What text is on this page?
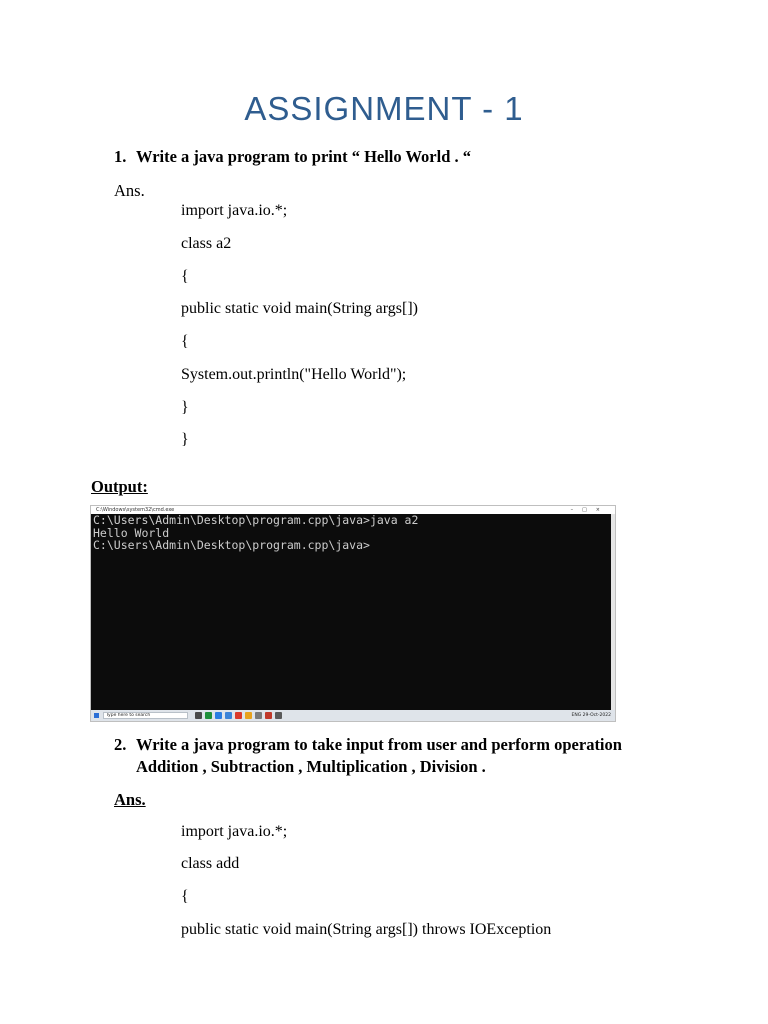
ASSIGNMENT - 1
1. Write a java program to print “ Hello World . “
Ans.
import java.io.*;
class a2
{
public static void main(String args[])
{
System.out.println("Hello World");
}
}
Output:
C:\Windows\system32\cmd.exe	–□×
C:\Users\Admin\Desktop\program.cpp\java>java a2
Hello World
C:\Users\Admin\Desktop\program.cpp\java>
Type here to search	ENG 29-Oct-2022
2. Write a java program to take input from user and perform operation
Addition , Subtraction , Multiplication , Division .
Ans.
import java.io.*;
class add
{
public static void main(String args[]) throws IOException
